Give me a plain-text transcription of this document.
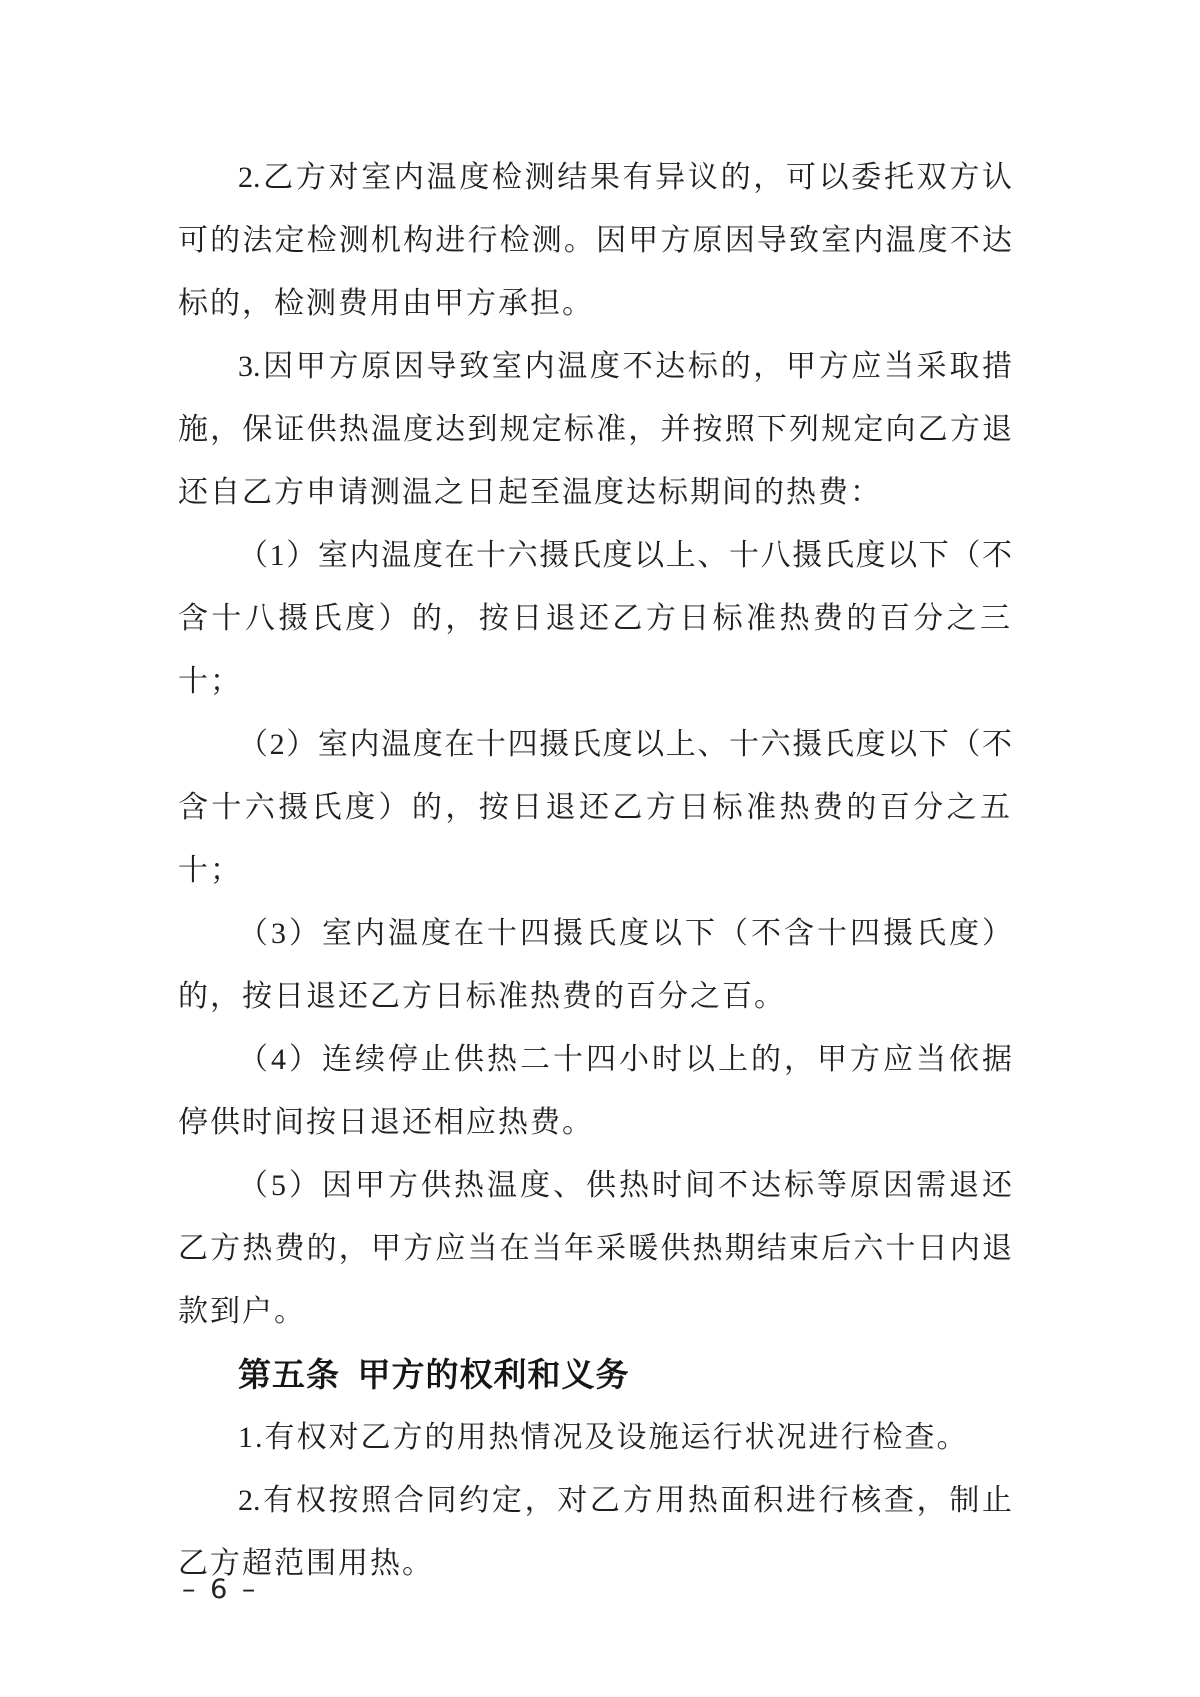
2.乙方对室内温度检测结果有异议的，可以委托双方认
可的法定检测机构进行检测。因甲方原因导致室内温度不达
标的，检测费用由甲方承担。
3.因甲方原因导致室内温度不达标的，甲方应当采取措
施，保证供热温度达到规定标准，并按照下列规定向乙方退
还自乙方申请测温之日起至温度达标期间的热费：
（1）室内温度在十六摄氏度以上、十八摄氏度以下（不
含十八摄氏度）的，按日退还乙方日标准热费的百分之三十；
（2）室内温度在十四摄氏度以上、十六摄氏度以下（不
含十六摄氏度）的，按日退还乙方日标准热费的百分之五十；
（3）室内温度在十四摄氏度以下（不含十四摄氏度）
的，按日退还乙方日标准热费的百分之百。
（4）连续停止供热二十四小时以上的，甲方应当依据
停供时间按日退还相应热费。
（5）因甲方供热温度、供热时间不达标等原因需退还
乙方热费的，甲方应当在当年采暖供热期结束后六十日内退
款到户。
第五条 甲方的权利和义务
1.有权对乙方的用热情况及设施运行状况进行检查。
2.有权按照合同约定，对乙方用热面积进行核查，制止
乙方超范围用热。
– 6 –
